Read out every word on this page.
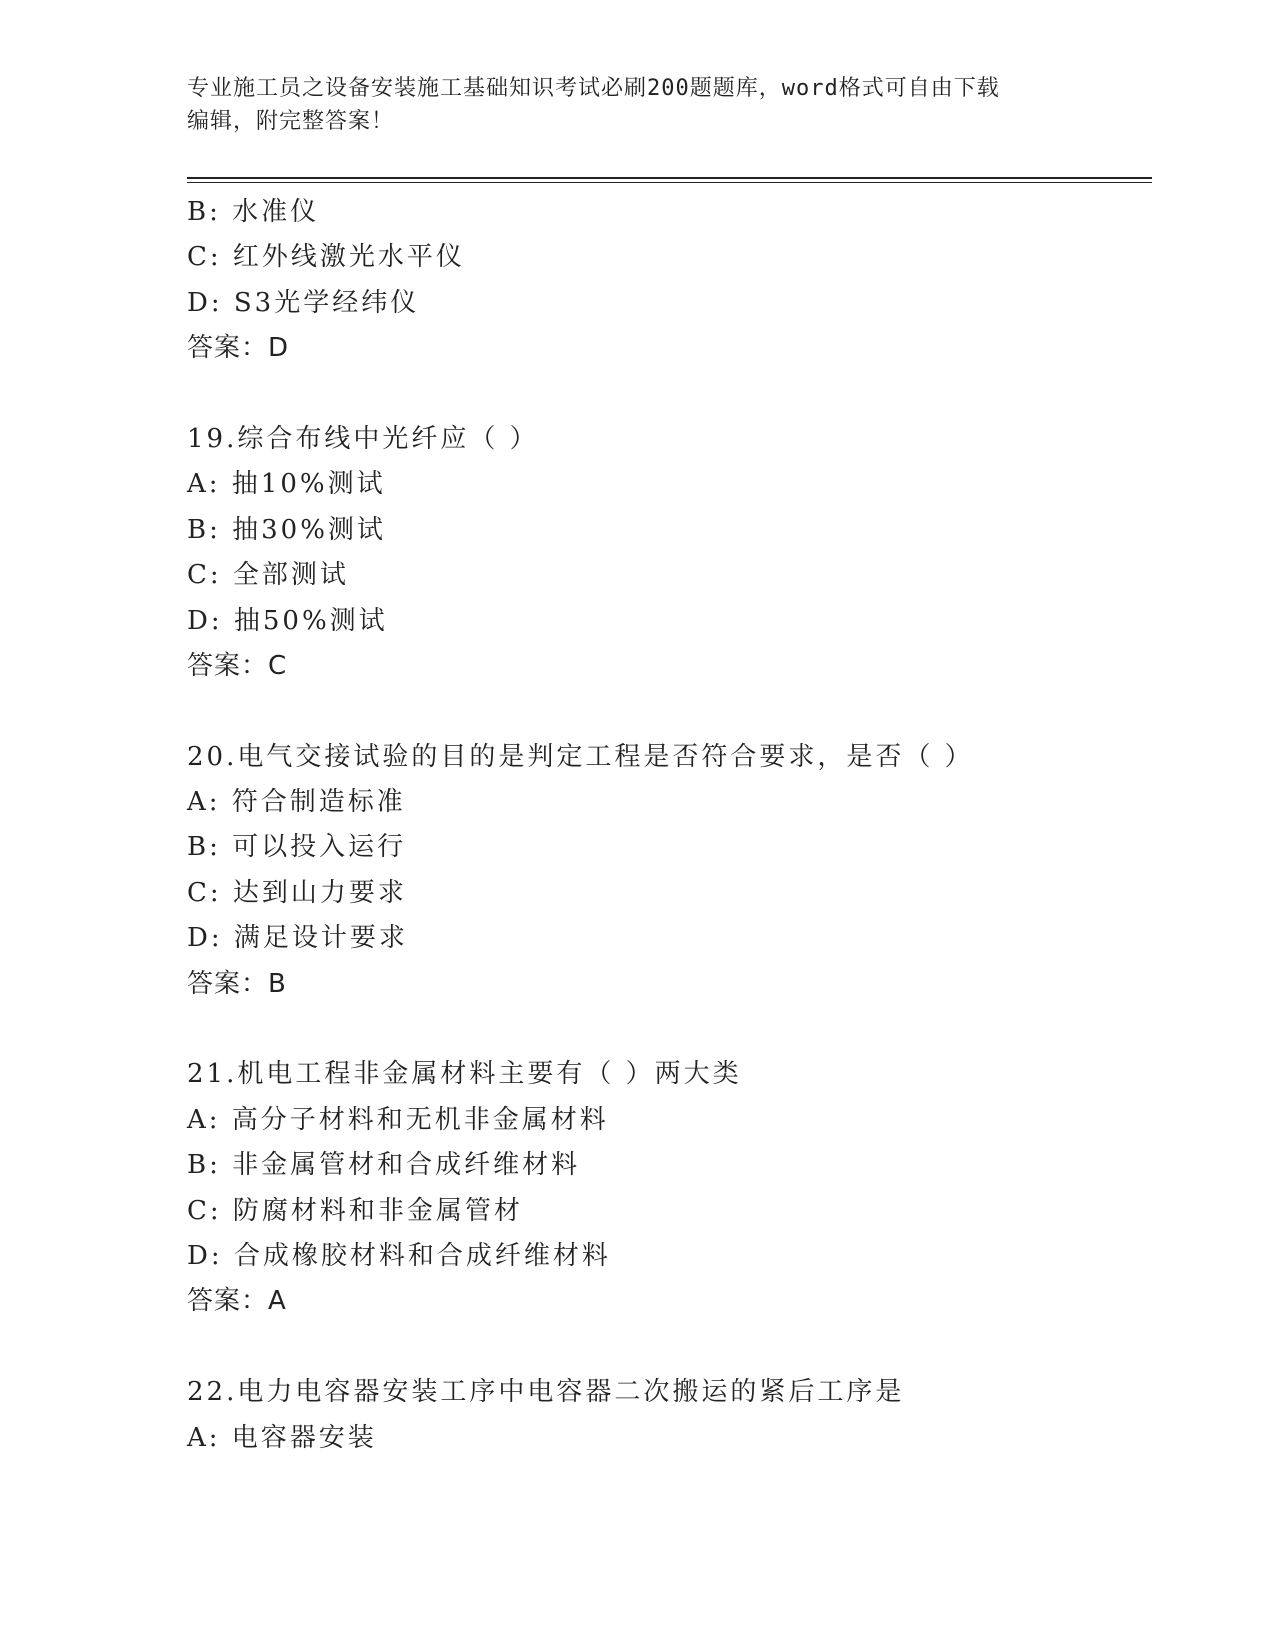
专业施工员之设备安装施工基础知识考试必刷200题题库，word格式可自由下载
编辑，附完整答案！
B: 水准仪
C: 红外线激光水平仪
D: S3光学经纬仪
答案：D
19.综合布线中光纤应（ ）
A: 抽10%测试
B: 抽30%测试
C: 全部测试
D: 抽50%测试
答案：C
20.电气交接试验的目的是判定工程是否符合要求，是否（ ）
A: 符合制造标准
B: 可以投入运行
C: 达到山力要求
D: 满足设计要求
答案：B
21.机电工程非金属材料主要有（ ）两大类
A: 高分子材料和无机非金属材料
B: 非金属管材和合成纤维材料
C: 防腐材料和非金属管材
D: 合成橡胶材料和合成纤维材料
答案：A
22.电力电容器安装工序中电容器二次搬运的紧后工序是
A: 电容器安装
